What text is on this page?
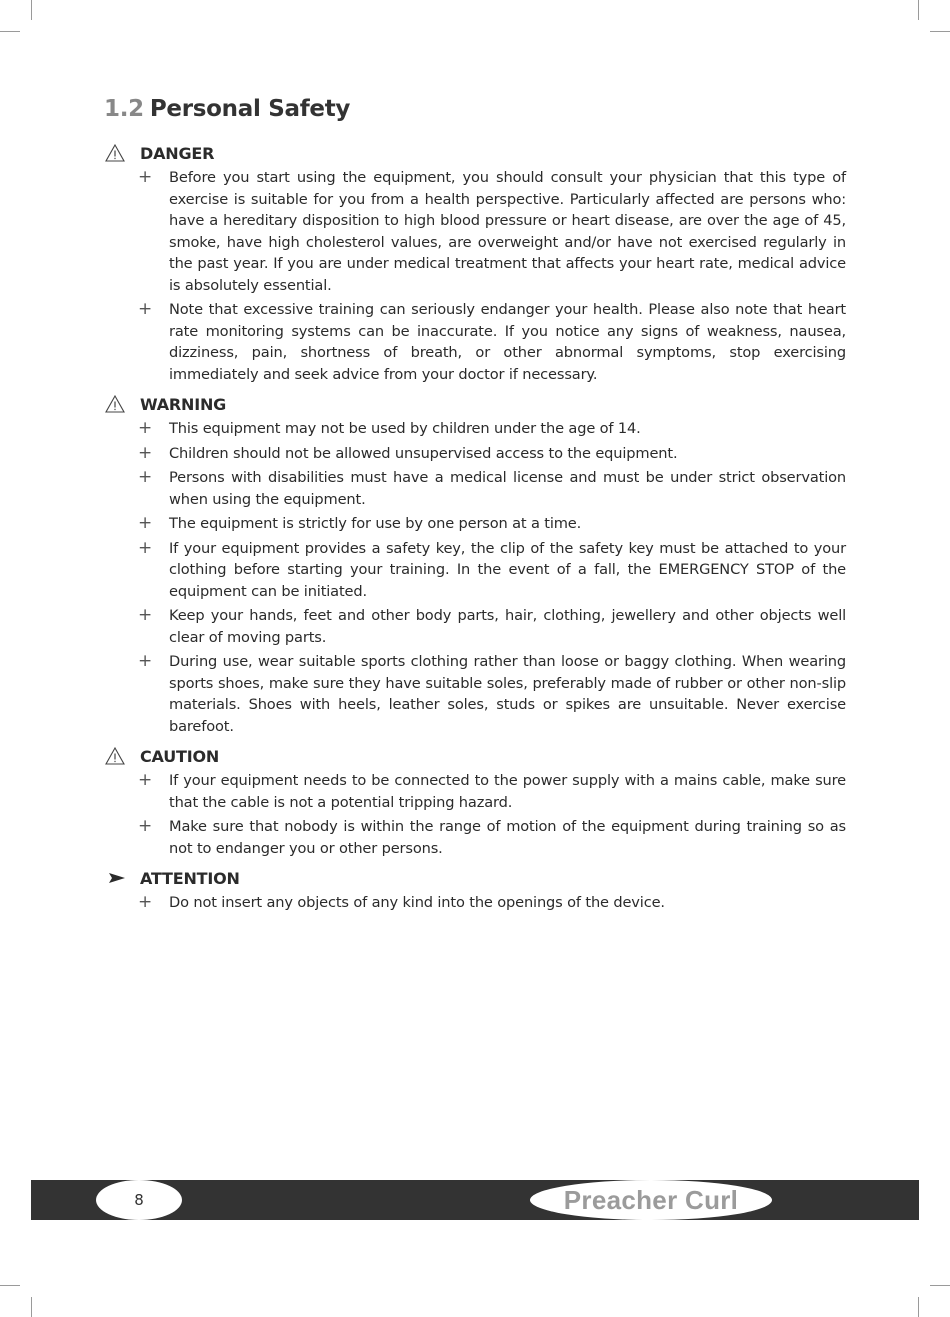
1.2 Personal Safety
DANGER
+ Before you start using the equipment, you should consult your physician that this type of exercise is suitable for you from a health perspective. Particularly affected are persons who: have a hereditary disposition to high blood pressure or heart disease, are over the age of 45, smoke, have high cholesterol values, are overweight and/or have not exercised regularly in the past year. If you are under medical treatment that affects your heart rate, medical advice is absolutely essential.
+ Note that excessive training can seriously endanger your health. Please also note that heart rate monitoring systems can be inaccurate. If you notice any signs of weakness, nausea, dizziness, pain, shortness of breath, or other abnormal symptoms, stop exercising immediately and seek advice from your doctor if necessary.
WARNING
+ This equipment may not be used by children under the age of 14.
+ Children should not be allowed unsupervised access to the equipment.
+ Persons with disabilities must have a medical license and must be under strict observation when using the equipment.
+ The equipment is strictly for use by one person at a time.
+ If your equipment provides a safety key, the clip of the safety key must be attached to your clothing before starting your training. In the event of a fall, the EMERGENCY STOP of the equipment can be initiated.
+ Keep your hands, feet and other body parts, hair, clothing, jewellery and other objects well clear of moving parts.
+ During use, wear suitable sports clothing rather than loose or baggy clothing. When wearing sports shoes, make sure they have suitable soles, preferably made of rubber or other non-slip materials. Shoes with heels, leather soles, studs or spikes are unsuitable. Never exercise barefoot.
CAUTION
+ If your equipment needs to be connected to the power supply with a mains cable, make sure that the cable is not a potential tripping hazard.
+ Make sure that nobody is within the range of motion of the equipment during training so as not to endanger you or other persons.
ATTENTION
+ Do not insert any objects of any kind into the openings of the device.
8	Preacher Curl
